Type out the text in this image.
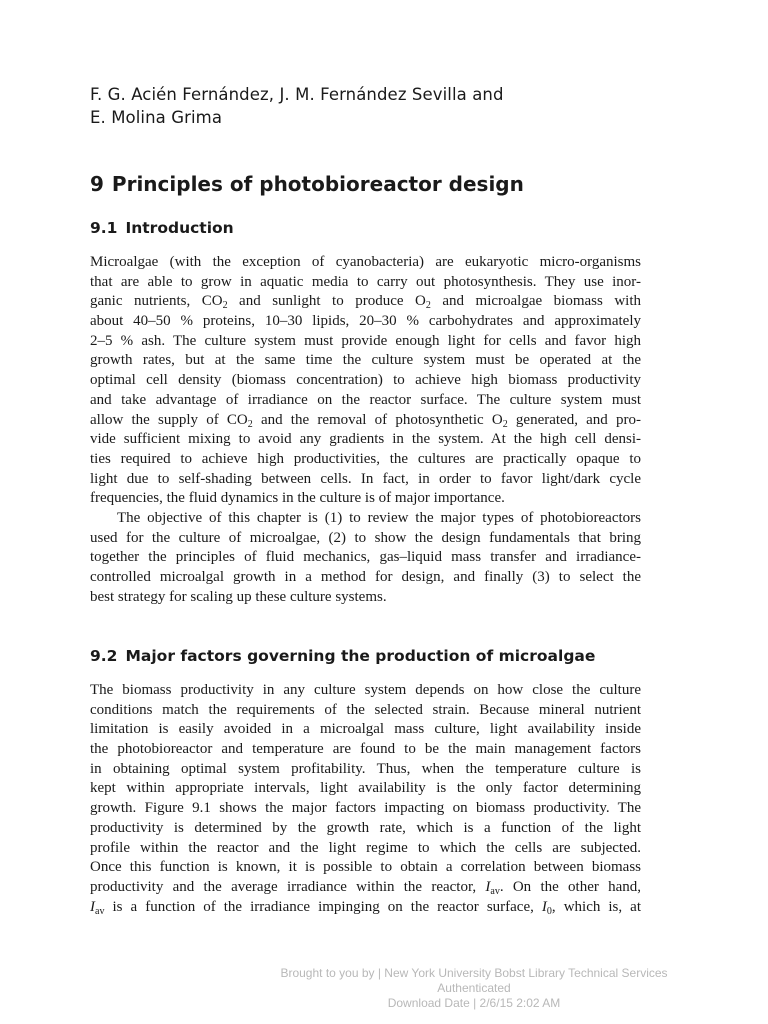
F. G. Acién Fernández, J. M. Fernández Sevilla and
E. Molina Grima
9 Principles of photobioreactor design
9.1 Introduction
Microalgae (with the exception of cyanobacteria) are eukaryotic micro-organisms
that are able to grow in aquatic media to carry out photosynthesis. They use inor-
ganic nutrients, $CO_2$ and sunlight to produce $O_2$ and microalgae biomass with
about 40–50 % proteins, 10–30 lipids, 20–30 % carbohydrates and approximately
2–5 % ash. The culture system must provide enough light for cells and favor high
growth rates, but at the same time the culture system must be operated at the
optimal cell density (biomass concentration) to achieve high biomass productivity
and take advantage of irradiance on the reactor surface. The culture system must
allow the supply of $CO_2$ and the removal of photosynthetic $O_2$ generated, and pro-
vide sufficient mixing to avoid any gradients in the system. At the high cell densi-
ties required to achieve high productivities, the cultures are practically opaque to
light due to self-shading between cells. In fact, in order to favor light/dark cycle
frequencies, the fluid dynamics in the culture is of major importance.
The objective of this chapter is (1) to review the major types of photobioreactors
used for the culture of microalgae, (2) to show the design fundamentals that bring
together the principles of fluid mechanics, gas–liquid mass transfer and irradiance-
controlled microalgal growth in a method for design, and finally (3) to select the
best strategy for scaling up these culture systems.
9.2 Major factors governing the production of microalgae
The biomass productivity in any culture system depends on how close the culture
conditions match the requirements of the selected strain. Because mineral nutrient
limitation is easily avoided in a microalgal mass culture, light availability inside
the photobioreactor and temperature are found to be the main management factors
in obtaining optimal system profitability. Thus, when the temperature culture is
kept within appropriate intervals, light availability is the only factor determining
growth. Figure 9.1 shows the major factors impacting on biomass productivity. The
productivity is determined by the growth rate, which is a function of the light
profile within the reactor and the light regime to which the cells are subjected.
Once this function is known, it is possible to obtain a correlation between biomass
productivity and the average irradiance within the reactor, $I_{av}$. On the other hand,
$I_{av}$ is a function of the irradiance impinging on the reactor surface, $I_0$, which is, at
Brought to you by | New York University Bobst Library Technical Services
Authenticated
Download Date | 2/6/15 2:02 AM
